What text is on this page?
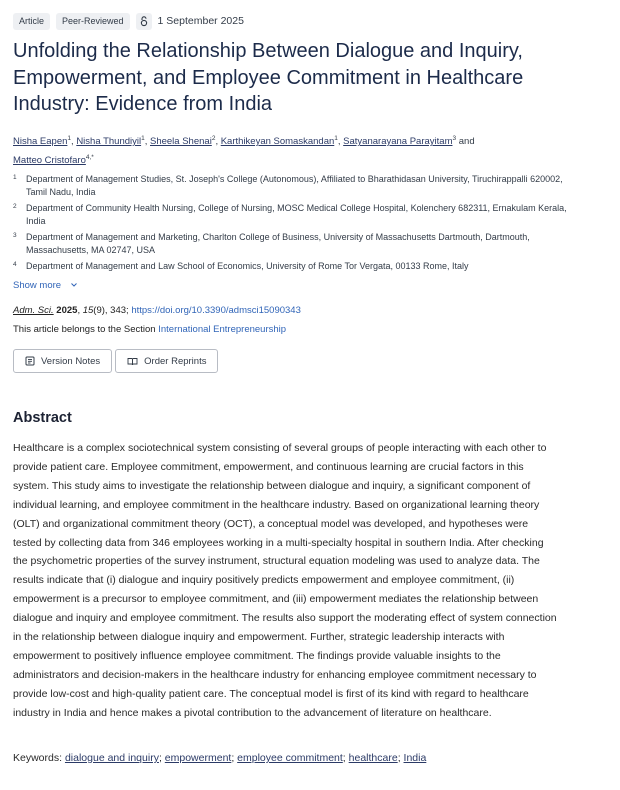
Article	Peer-Reviewed	1 September 2025
Unfolding the Relationship Between Dialogue and Inquiry, Empowerment, and Employee Commitment in Healthcare Industry: Evidence from India
Nisha Eapen$^1$, Nisha Thundiyil$^1$, Sheela Shenai$^2$, Karthikeyan Somaskandan$^1$, Satyanarayana Parayitam$^3$ and
Matteo Cristofaro$^{4,*}$
1	Department of Management Studies, St. Joseph's College (Autonomous), Affiliated to Bharathidasan University, Tiruchirappalli 620002, Tamil Nadu, India
2	Department of Community Health Nursing, College of Nursing, MOSC Medical College Hospital, Kolenchery 682311, Ernakulam Kerala, India
3	Department of Management and Marketing, Charlton College of Business, University of Massachusetts Dartmouth, Dartmouth, Massachusetts, MA 02747, USA
4	Department of Management and Law School of Economics, University of Rome Tor Vergata, 00133 Rome, Italy
Show more
Adm. Sci. 2025, 15(9), 343; https://doi.org/10.3390/admsci15090343
This article belongs to the Section International Entrepreneurship
Version Notes	Order Reprints
Abstract

Healthcare is a complex sociotechnical system consisting of several groups of people interacting with each other to provide patient care. Employee commitment, empowerment, and continuous learning are crucial factors in this system. This study aims to investigate the relationship between dialogue and inquiry, a significant component of individual learning, and employee commitment in the healthcare industry. Based on organizational learning theory (OLT) and organizational commitment theory (OCT), a conceptual model was developed, and hypotheses were tested by collecting data from 346 employees working in a multi-specialty hospital in southern India. After checking the psychometric properties of the survey instrument, structural equation modeling was used to analyze data. The results indicate that (i) dialogue and inquiry positively predicts empowerment and employee commitment, (ii) empowerment is a precursor to employee commitment, and (iii) empowerment mediates the relationship between dialogue and inquiry and employee commitment. The results also support the moderating effect of system connection in the relationship between dialogue inquiry and empowerment. Further, strategic leadership interacts with empowerment to positively influence employee commitment. The findings provide valuable insights to the administrators and decision-makers in the healthcare industry for enhancing employee commitment necessary to provide low-cost and high-quality patient care. The conceptual model is first of its kind with regard to healthcare industry in India and hence makes a pivotal contribution to the advancement of literature on healthcare.

Keywords: dialogue and inquiry; empowerment; employee commitment; healthcare; India
